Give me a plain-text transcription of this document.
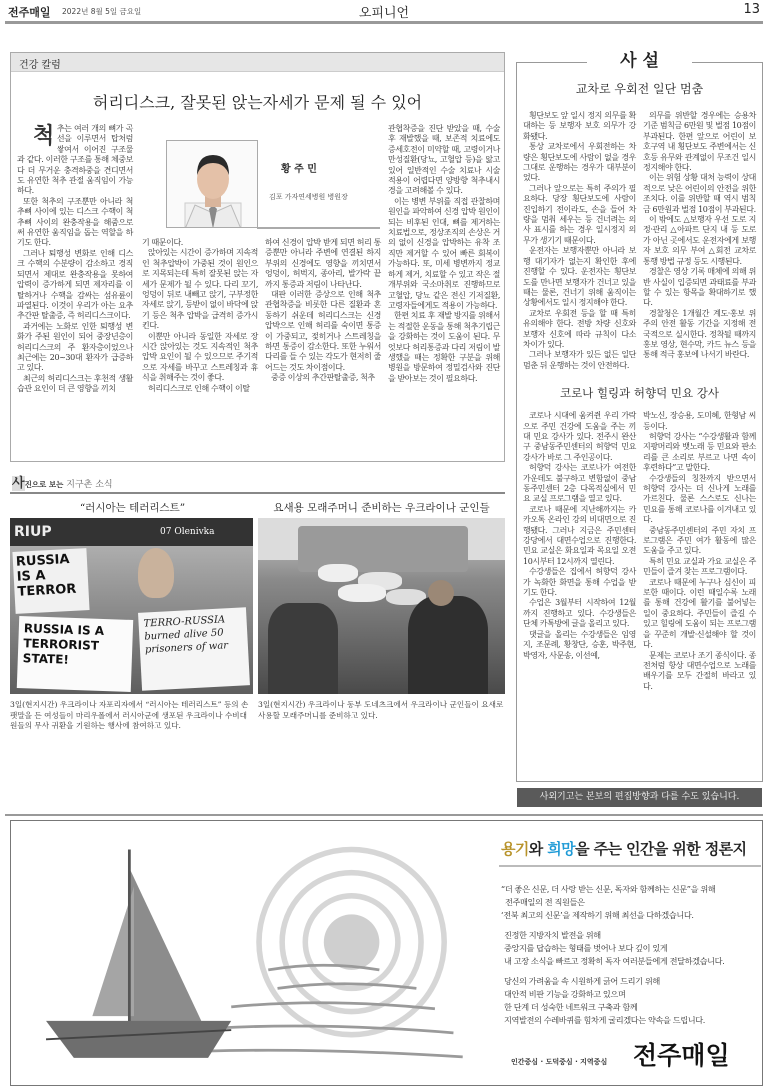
전주매일 2022년 8월 5일 금요일	오피니언	13
건강 칼럼
허리디스크, 잘못된 앉는자세가 문제 될 수 있어
척 추는 여러 개의 뼈가 곡선을 이루면서 탑처럼 쌓여서 이어진 구조물과 같다. 이러한 구조를 통해 체중보다 더 무거운 충격하중을 견디면서도 유연한 척추 관절 움직임이 가능하다.

또한 척추의 구조뿐만 아니라 척추뼈 사이에 있는 디스크 수핵이 척추뼈 사이의 완충작용을 해줌으로써 유연한 움직임을 돕는 역할을 하기도 한다.

그러나 퇴행성 변화로 인해 디스크 수핵의 수분량이 감소하고 경직되면서 제대로 완충작용을 못하여 압력이 증가하게 되면 제자리를 이탈하거나 수핵을 감싸는 섬유륜이 파열된다. 이것이 우리가 아는 요추 추간판 탈출증, 즉 허리디스크이다.

과거에는 노화로 인한 퇴행성 변화가 주된 원인이 되어 중장년층이 허리디스크의 주 환자층이었으나 최근에는 20~30대 환자가 급증하고 있다.

최근의 허리디스크는 후천적 생활습관 요인이 더 큰 영향을 끼치

황 주 민
김포 가자연세병원 병원장

기 때문이다.

앉아있는 시간이 증가하며 지속적인 척추압박이 가중된 것이 원인으로 지목되는데 특히 잘못된 앉는 자세가 문제가 될 수 있다. 다리 꼬기, 엉덩이 뒤로 내빼고 앉기, 구부정한 자세로 앉기, 등받이 없이 바닥에 앉기 등은 척추 압박을 급격히 증가시킨다.

이뿐만 아니라 동일한 자세로 장시간 앉아있는 것도 지속적인 척추 압박 요인이 될 수 있으므로 주기적으로 자세를 바꾸고 스트레칭과 휴식을 취해주는 것이 좋다.

허리디스크로 인해 수핵이 이탈

하여 신경이 압박 받게 되면 허리 통증뿐만 아니라 주변에 연결된 하지 부위의 신경에도 영향을 끼치면서 엉덩이, 허벅지, 종아리, 발가락 끝까지 통증과 저림이 나타난다.

대판 이러한 증상으로 인해 척추관협착증을 비롯한 다른 질환과 혼동하기 쉬운데 허리디스크는 신경압박으로 인해 허리를 숙이면 통증이 가중되고, 젖히거나 스트레칭을 하면 통증이 감소한다. 또한 누워서 다리를 들 수 있는 각도가 현저히 줄어드는 것도 차이점이다.

중증 이상의 추간판탈출증, 척추

관협착증을 진단 받았을 때, 수술 후 재발했을 때, 보존적 치료에도 증세호전이 미약할 때, 고령이거나 만성질환(당뇨, 고혈압 등)을 앓고 있어 일반적인 수술 치료나 시술 적용이 어렵다면 양방향 척추내시경을 고려해볼 수 있다.

이는 병변 부위를 직접 관찰하며 원인을 파악하여 신경 압박 원인이 되는 비후된 인대, 뼈를 제거하는 치료법으로, 정상조직의 손상은 거의 없이 신경을 압박하는 유착 조직만 제거할 수 있어 빠른 회복이 가능하다. 또, 미세 병변까지 정교하게 제거, 치료할 수 있고 작은 절개부위와 국소마취로 진행하므로 고혈압, 당뇨 같은 전신 기저질환, 고령자들에게도 적용이 가능하다.

한편 치료 후 재발 방지를 위해서는 적절한 운동을 통해 척추기립근을 강화하는 것이 도움이 된다. 무엇보다 허리통증과 다리 저림이 발생했을 때는 정확한 구분을 위해 병원을 방문하여 정밀검사와 진단을 받아보는 것이 필요하다.

사 설
교차로 우회전 일단 멈춤

횡단보도 앞 일시 정지 의무를 확대하는 등 보행자 보호 의무가 강화됐다.

통상 교차로에서 우회전하는 차량은 횡단보도에 사람이 없을 경우 그대로 운행하는 경우가 대부분이었다.

그러나 앞으로는 특히 주의가 필요하다. 당장 횡단보도에 사람이 진입하기 전이라도, 손을 들어 차량을 멈춰 세우는 등 건너려는 의사 표시를 하는 경우 일시정지 의무가 생기기 때문이다.

운전자는 보행자뿐만 아니라 보행 대기자가 없는지 확인한 후에 진행할 수 있다. 운전자는 횡단보도를 만나면 보행자가 건너고 있을 때는 물론, 건너기 위해 움직이는 상황에서도 일시 정지해야 한다.

교차로 우회전 등을 할 때 특히 유의해야 한다. 전방 차량 신호와 보행자 신호에 따라 규칙이 다소 차이가 있다.

그러나 보행자가 있든 없든 일단 멈춘 뒤 운행하는 것이 안전하다.

의무를 위반할 경우에는 승용차 기준 범칙금 6만원 및 벌점 10점이 부과된다. 한편 앞으로 어린이 보호구역 내 횡단보도 주변에서는 신호등 유무와 관계없이 무조건 일시 정지해야 한다.

이는 위험 상황 대처 능력이 상대적으로 낮은 어린이의 안전을 위한 조치다. 이를 위반할 때 역시 범칙금 6만원과 벌점 10점이 부과된다.

이 밖에도 △보행자 우선 도로 지정·관리 △아파트 단지 내 등 도로가 아닌 곳에서도 운전자에게 보행자 보호 의무 부여 △회전 교차로 통행 방법 규정 등도 시행된다.

경찰은 영상 기록 매체에 의해 위반 사실이 입증되면 과태료를 부과할 수 있는 항목을 확대하기로 했다.

경찰청은 1개월간 계도·홍보 위주의 안전 활동 기간을 지정해 전국적으로 실시한다. 정착될 때까지 홍보 영상, 현수막, 카드 뉴스 등을 통해 적극 홍보에 나서기 바란다.

코로나 힐링과 허향덕 민요 강사

코로나 시대에 움켜쥔 우리 가락으로 주민 건강에 도움을 주는 끼대 민요 강사가 있다. 전주시 완산구 중남동주민센터의 허향덕 민요 강사가 바로 그 주인공이다.

허향덕 강사는 코로나가 여전한 가운데도 불구하고 변함없이 중남동주민센터 2층 다목적실에서 민요 교실 프로그램을 열고 있다.

코로나 때문에 지난해까지는 카카오톡 온라인 강의 비대면으로 진행됐다. 그러나 지금은 주민센터 강당에서 대면수업으로 진행한다. 민요 교실은 화요일과 목요일 오전 10시부터 12시까지 열린다.

수강생들은 집에서 허향덕 강사가 녹화한 화면을 통해 수업을 받기도 한다.

수업은 3월부터 시작하여 12월까지 진행하고 있다. 수강생들은 단체 카톡방에 글을 올리고 있다.

댓글을 올리는 수강생들은 임영지, 조문례, 황창단, 승훈, 박주현, 박영자, 사문송, 이선예,

박노신, 장승용, 도미혜, 한형남 씨 등이다.

허향덕 강사는 “수강생활과 함께 지팡머리와 뱃노래 등 민요와 판소리를 큰 소리로 부르고 나면 속이 후련하다”고 말한다.

수강생들의 칭찬까지 받으면서 허향덕 강사는 더 신나게 노래를 가르친다. 물론 스스로도 신나는 민요를 통해 코로나를 이겨내고 있다.

중남동주민센터의 주민 자치 프로그램은 주민 여가 활동에 많은 도움을 주고 있다.

특히 민요 교실과 가요 교실은 주민들이 즐겨 찾는 프로그램이다.

코로나 때문에 누구나 심신이 피로한 때이다. 이런 때일수록 노래를 통해 건강에 활기를 불어넣는 일이 중요하다. 주민들이 즐길 수 있고 힐링에 도움이 되는 프로그램을 꾸준히 개발·신설해야 할 것이다.

문제는 코로나 조기 종식이다. 종전처럼 항상 대면수업으로 노래를 배우기를 모두 간절히 바라고 있다.

사외기고는 본보의 편집방향과 다를 수도 있습니다.
사진으로 보는 지구촌 소식
“러시아는 테러리스트”	요새용 모래주머니 준비하는 우크라이나 군인들
RIUP	07 Olenivka
RUSSIA IS A TERROR
RUSSIA IS A TERRORIST STATE!
TERRO-RUSSIA burned alive 50 prisoners of war
3일(현지시간) 우크라이나 자포리자에서 “러시아는 테러리스트” 등의 손팻말을 든 여성들이 마리우폴에서 러시아군에 생포된 우크라이나 수비대원들의 무사 귀환을 기원하는 행사에 참여하고 있다.
3일(현지시간) 우크라이나 동부 도네츠크에서 우크라이나 군인들이 요새로 사용할 모래주머니를 준비하고 있다.
용기와 희망을 주는 인간을 위한 정론지
“더 좋은 신문, 더 사랑 받는 신문, 독자와 함께하는 신문”을 위해
전주매일의 전 직원들은
‘전북 최고의 신문’을 제작하기 위해 최선을 다하겠습니다.
진정한 지방자치 발전을 위해
중앙지를 답습하는 형태를 벗어나 보다 깊이 있게
내 고장 소식을 빠르고 정확히 독자 여러분들에게 전달하겠습니다.
당신의 가려움을 속 시원하게 긁어 드리기 위해
대안적 비판 기능을 강화하고 있으며
한 단계 더 성숙한 네트워크 구축과 함께
지역발전의 수레바퀴를 힘차게 굴리겠다는 약속을 드립니다.
인간중심 · 도덕중심 · 지역중심 전주매일
